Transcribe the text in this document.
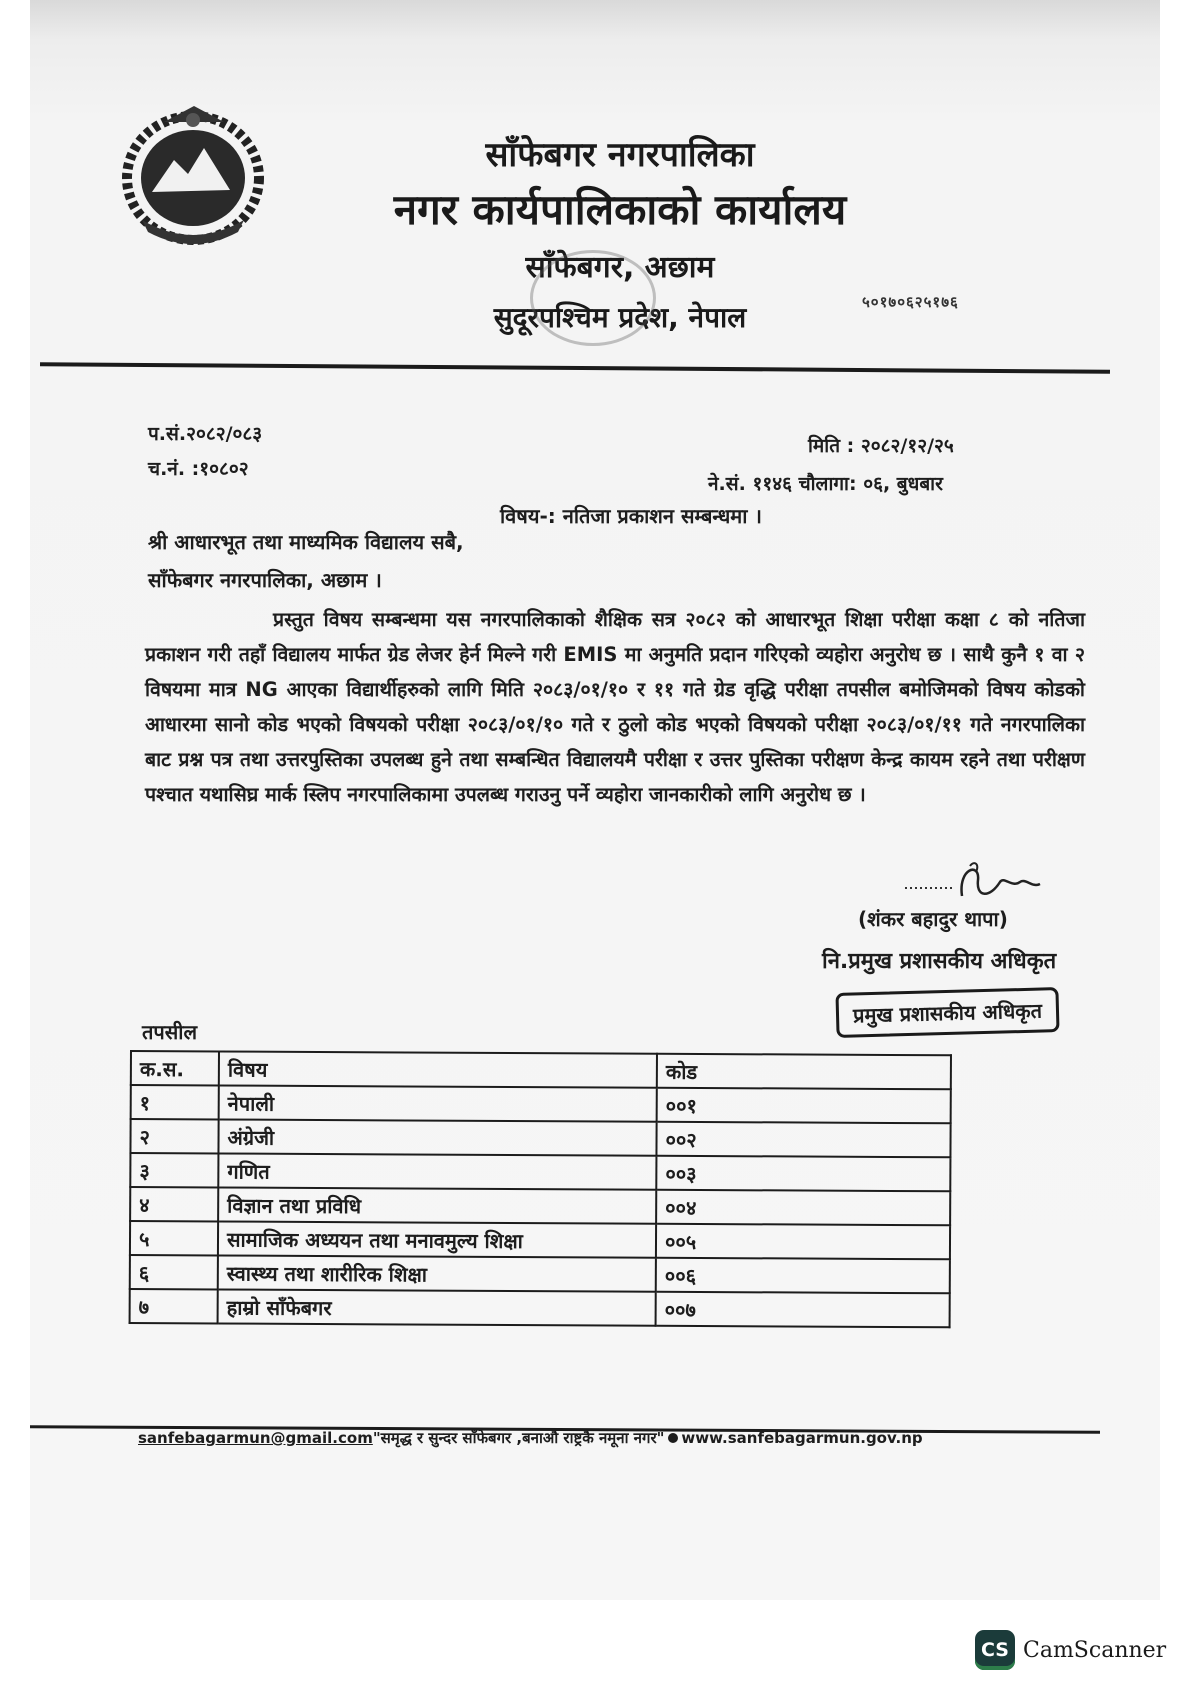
साँफेबगर नगरपालिका
नगर कार्यपालिकाको कार्यालय
साँफेबगर, अछाम
सुदूरपश्चिम प्रदेश, नेपाल	५०१७०६२५१७६
प.सं.२०८२/०८३
च.नं. :१०८०२
मिति : २०८२/१२/२५
ने.सं. ११४६ चौलागा: ०६, बुधबार
विषय-: नतिजा प्रकाशन सम्बन्धमा ।
श्री आधारभूत तथा माध्यमिक विद्यालय सबै,
साँफेबगर नगरपालिका, अछाम ।
प्रस्तुत विषय सम्बन्धमा यस नगरपालिकाको शैक्षिक सत्र २०८२ को आधारभूत शिक्षा परीक्षा कक्षा ८ को नतिजा प्रकाशन गरी तहाँ विद्यालय मार्फत ग्रेड लेजर हेर्न मिल्ने गरी EMIS मा अनुमति प्रदान गरिएको व्यहोरा अनुरोध छ । साथै कुनै १ वा २ विषयमा मात्र NG आएका विद्यार्थीहरुको लागि मिति २०८३/०१/१० र ११ गते ग्रेड वृद्धि परीक्षा तपसील बमोजिमको विषय कोडको आधारमा सानो कोड भएको विषयको परीक्षा २०८३/०१/१० गते र ठुलो कोड भएको विषयको परीक्षा २०८३/०१/११ गते नगरपालिका बाट प्रश्न पत्र तथा उत्तरपुस्तिका उपलब्ध हुने तथा सम्बन्धित विद्यालयमै परीक्षा र उत्तर पुस्तिका परीक्षण केन्द्र कायम रहने तथा परीक्षण पश्चात यथासिघ्र मार्क स्लिप नगरपालिकामा उपलब्ध गराउनु पर्ने व्यहोरा जानकारीको लागि अनुरोध छ ।
(शंकर बहादुर थापा)
नि.प्रमुख प्रशासकीय अधिकृत
प्रमुख प्रशासकीय अधिकृत
तपसील
क.स.	विषय	कोड
१	नेपाली	००१
२	अंग्रेजी	००२
३	गणित	००३
४	विज्ञान तथा प्रविधि	००४
५	सामाजिक अध्ययन तथा मनावमुल्य शिक्षा	००५
६	स्वास्थ्य तथा शारीरिक शिक्षा	००६
७	हाम्रो साँफेबगर	००७
sanfebagarmun@gmail.com"समृद्ध र सुन्दर साँफेबगर ,बनाऔ राष्ट्रकै नमूना नगर" www.sanfebagarmun.gov.np
CS CamScanner
